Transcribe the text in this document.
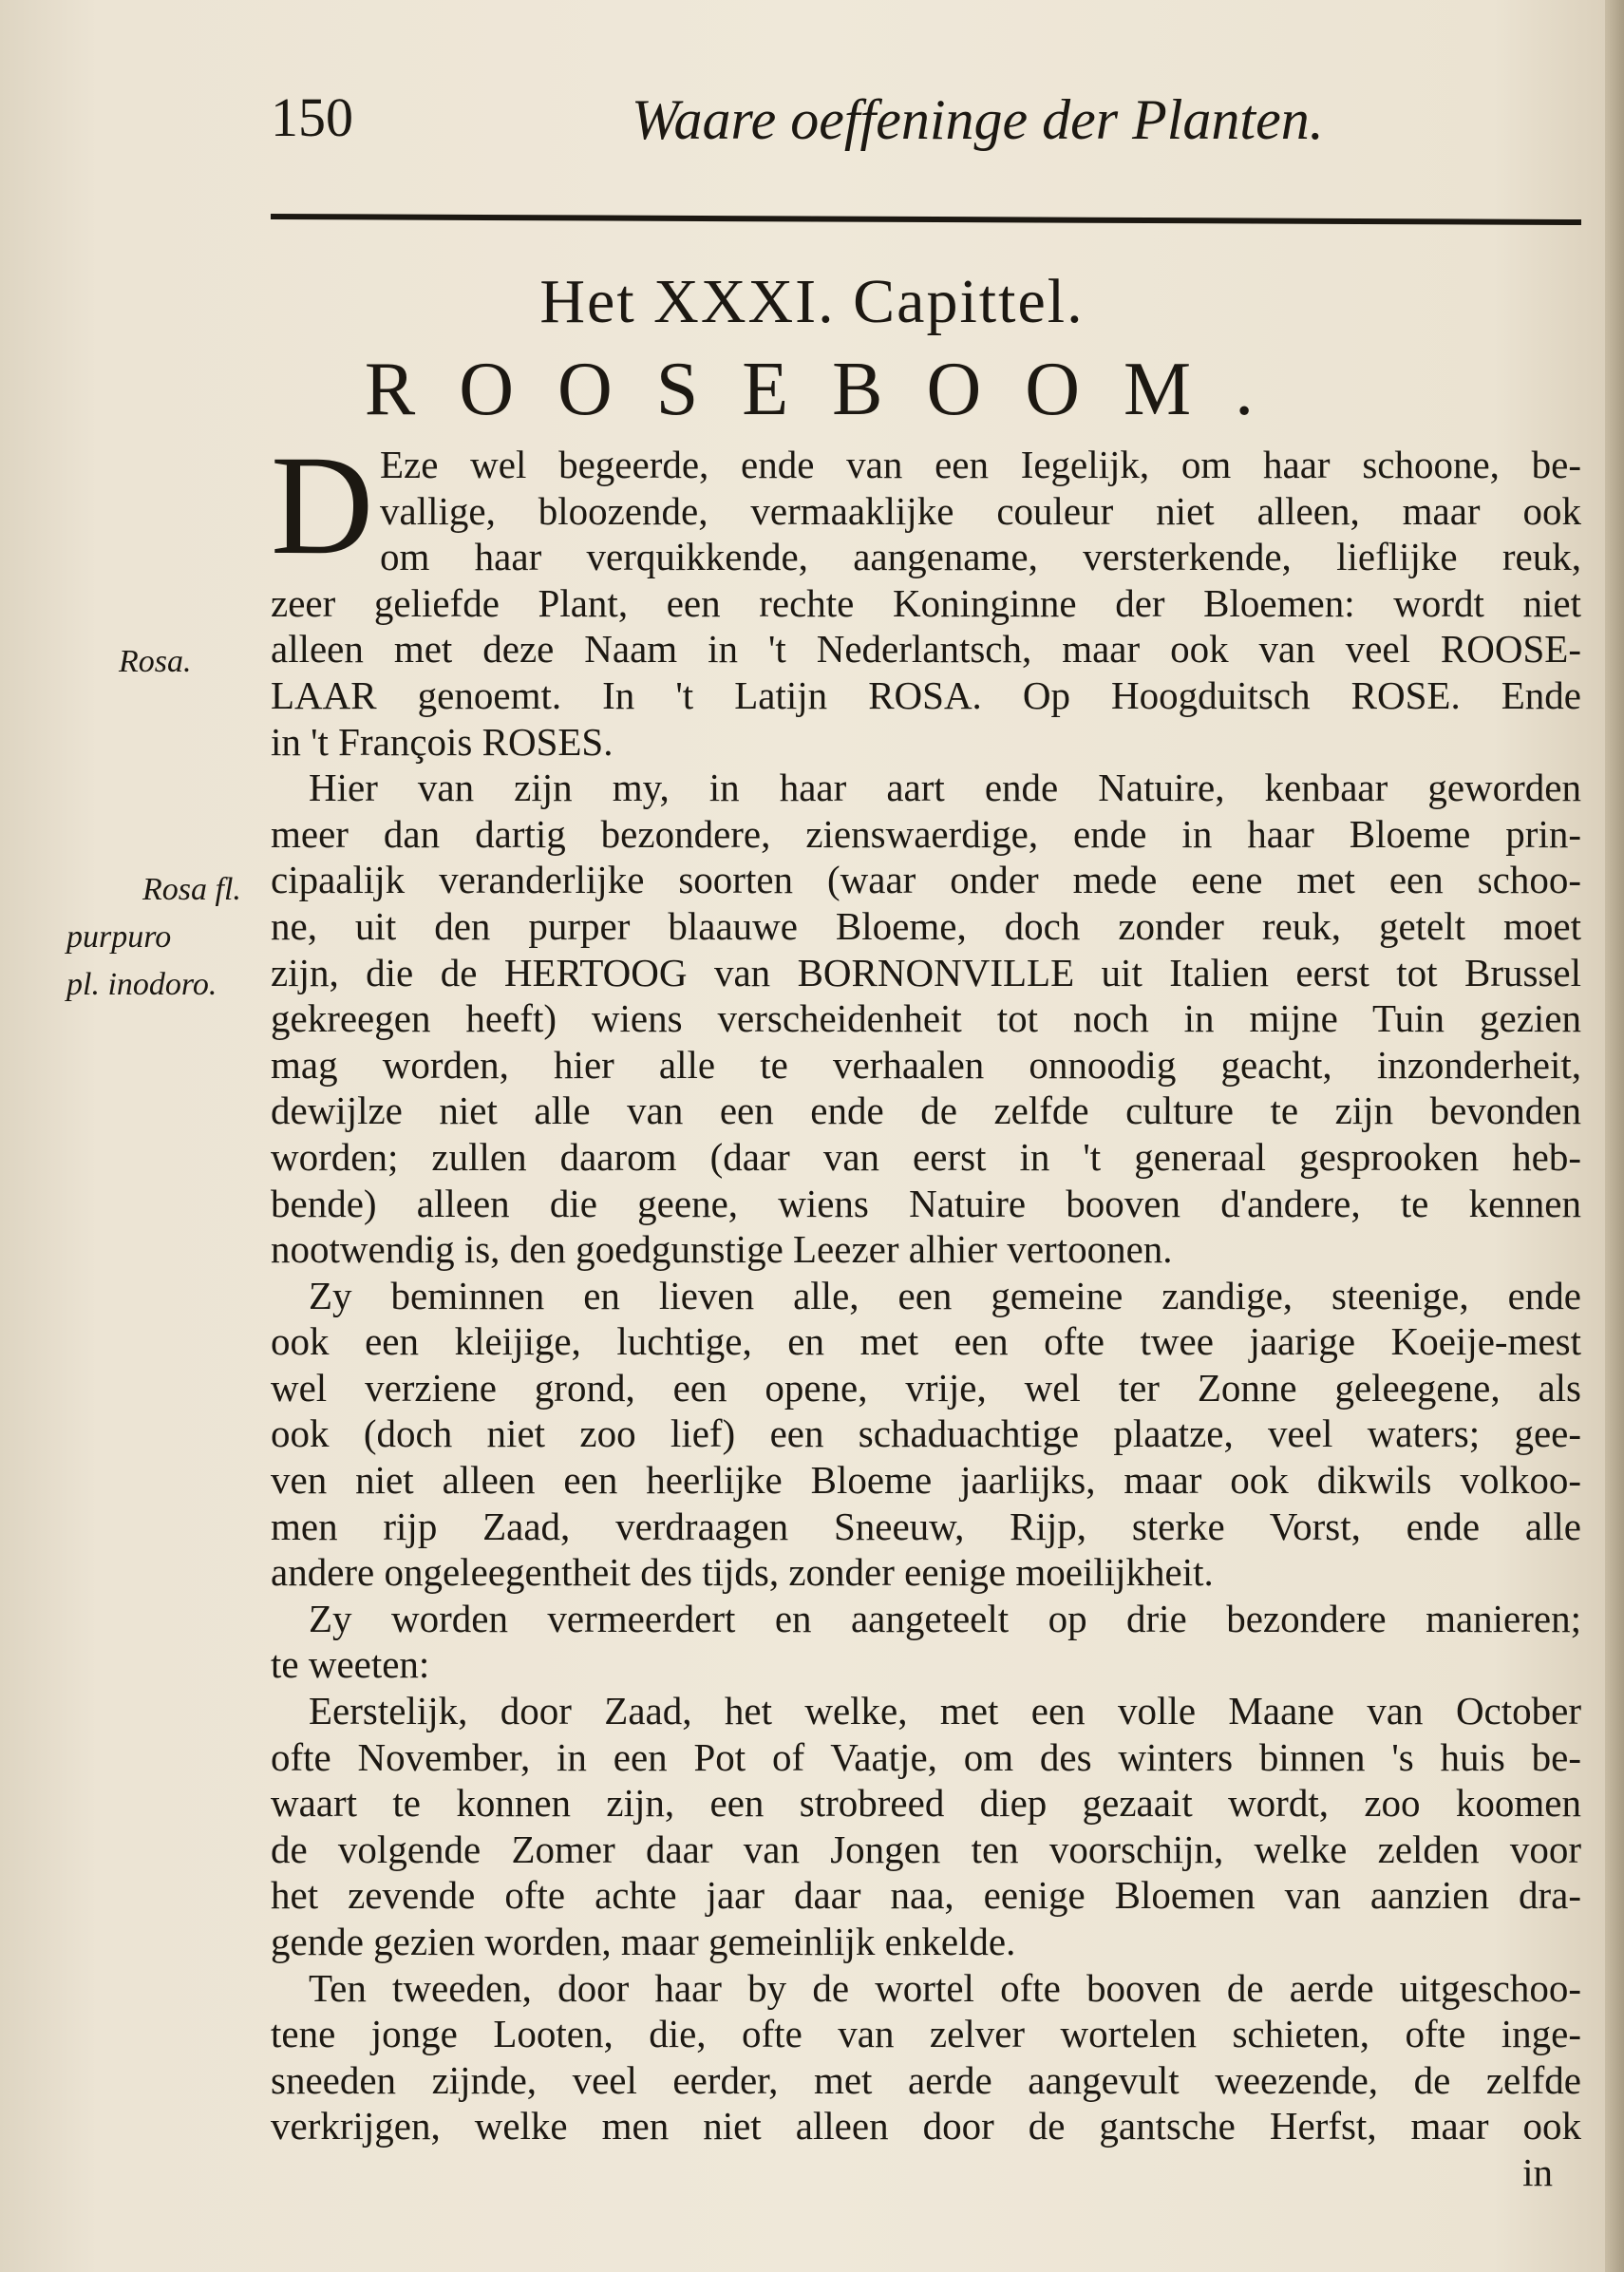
150	Waare oeffeninge der Planten.
Het XXXI. Capittel.
ROOSEBOOM.
Rosa.
Rosa fl.
purpuro
pl. inodoro.
D Eze wel begeerde, ende van een Iegelijk, om haar schoone, be-
vallige, bloozende, vermaaklijke couleur niet alleen, maar ook
om haar verquikkende, aangename, versterkende, lieflijke reuk,
zeer geliefde Plant, een rechte Koninginne der Bloemen: wordt niet
alleen met deze Naam in 't Nederlantsch, maar ook van veel ROOSE-
LAAR genoemt. In 't Latijn ROSA. Op Hoogduitsch ROSE. Ende
in 't François ROSES.
Hier van zijn my, in haar aart ende Natuire, kenbaar geworden
meer dan dartig bezondere, zienswaerdige, ende in haar Bloeme prin-
cipaalijk veranderlijke soorten (waar onder mede eene met een schoo-
ne, uit den purper blaauwe Bloeme, doch zonder reuk, getelt moet
zijn, die de HERTOOG van BORNONVILLE uit Italien eerst tot Brussel
gekreegen heeft) wiens verscheidenheit tot noch in mijne Tuin gezien
mag worden, hier alle te verhaalen onnoodig geacht, inzonderheit,
dewijlze niet alle van een ende de zelfde culture te zijn bevonden
worden; zullen daarom (daar van eerst in 't generaal gesprooken heb-
bende) alleen die geene, wiens Natuire booven d'andere, te kennen
nootwendig is, den goedgunstige Leezer alhier vertoonen.
Zy beminnen en lieven alle, een gemeine zandige, steenige, ende
ook een kleijige, luchtige, en met een ofte twee jaarige Koeije-mest
wel verziene grond, een opene, vrije, wel ter Zonne geleegene, als
ook (doch niet zoo lief) een schaduachtige plaatze, veel waters; gee-
ven niet alleen een heerlijke Bloeme jaarlijks, maar ook dikwils volkoo-
men rijp Zaad, verdraagen Sneeuw, Rijp, sterke Vorst, ende alle
andere ongeleegentheit des tijds, zonder eenige moeilijkheit.
Zy worden vermeerdert en aangeteelt op drie bezondere manieren;
te weeten:
Eerstelijk, door Zaad, het welke, met een volle Maane van October
ofte November, in een Pot of Vaatje, om des winters binnen 's huis be-
waart te konnen zijn, een strobreed diep gezaait wordt, zoo koomen
de volgende Zomer daar van Jongen ten voorschijn, welke zelden voor
het zevende ofte achte jaar daar naa, eenige Bloemen van aanzien dra-
gende gezien worden, maar gemeinlijk enkelde.
Ten tweeden, door haar by de wortel ofte booven de aerde uitgeschoo-
tene jonge Looten, die, ofte van zelver wortelen schieten, ofte inge-
sneeden zijnde, veel eerder, met aerde aangevult weezende, de zelfde
verkrijgen, welke men niet alleen door de gantsche Herfst, maar ook
in
